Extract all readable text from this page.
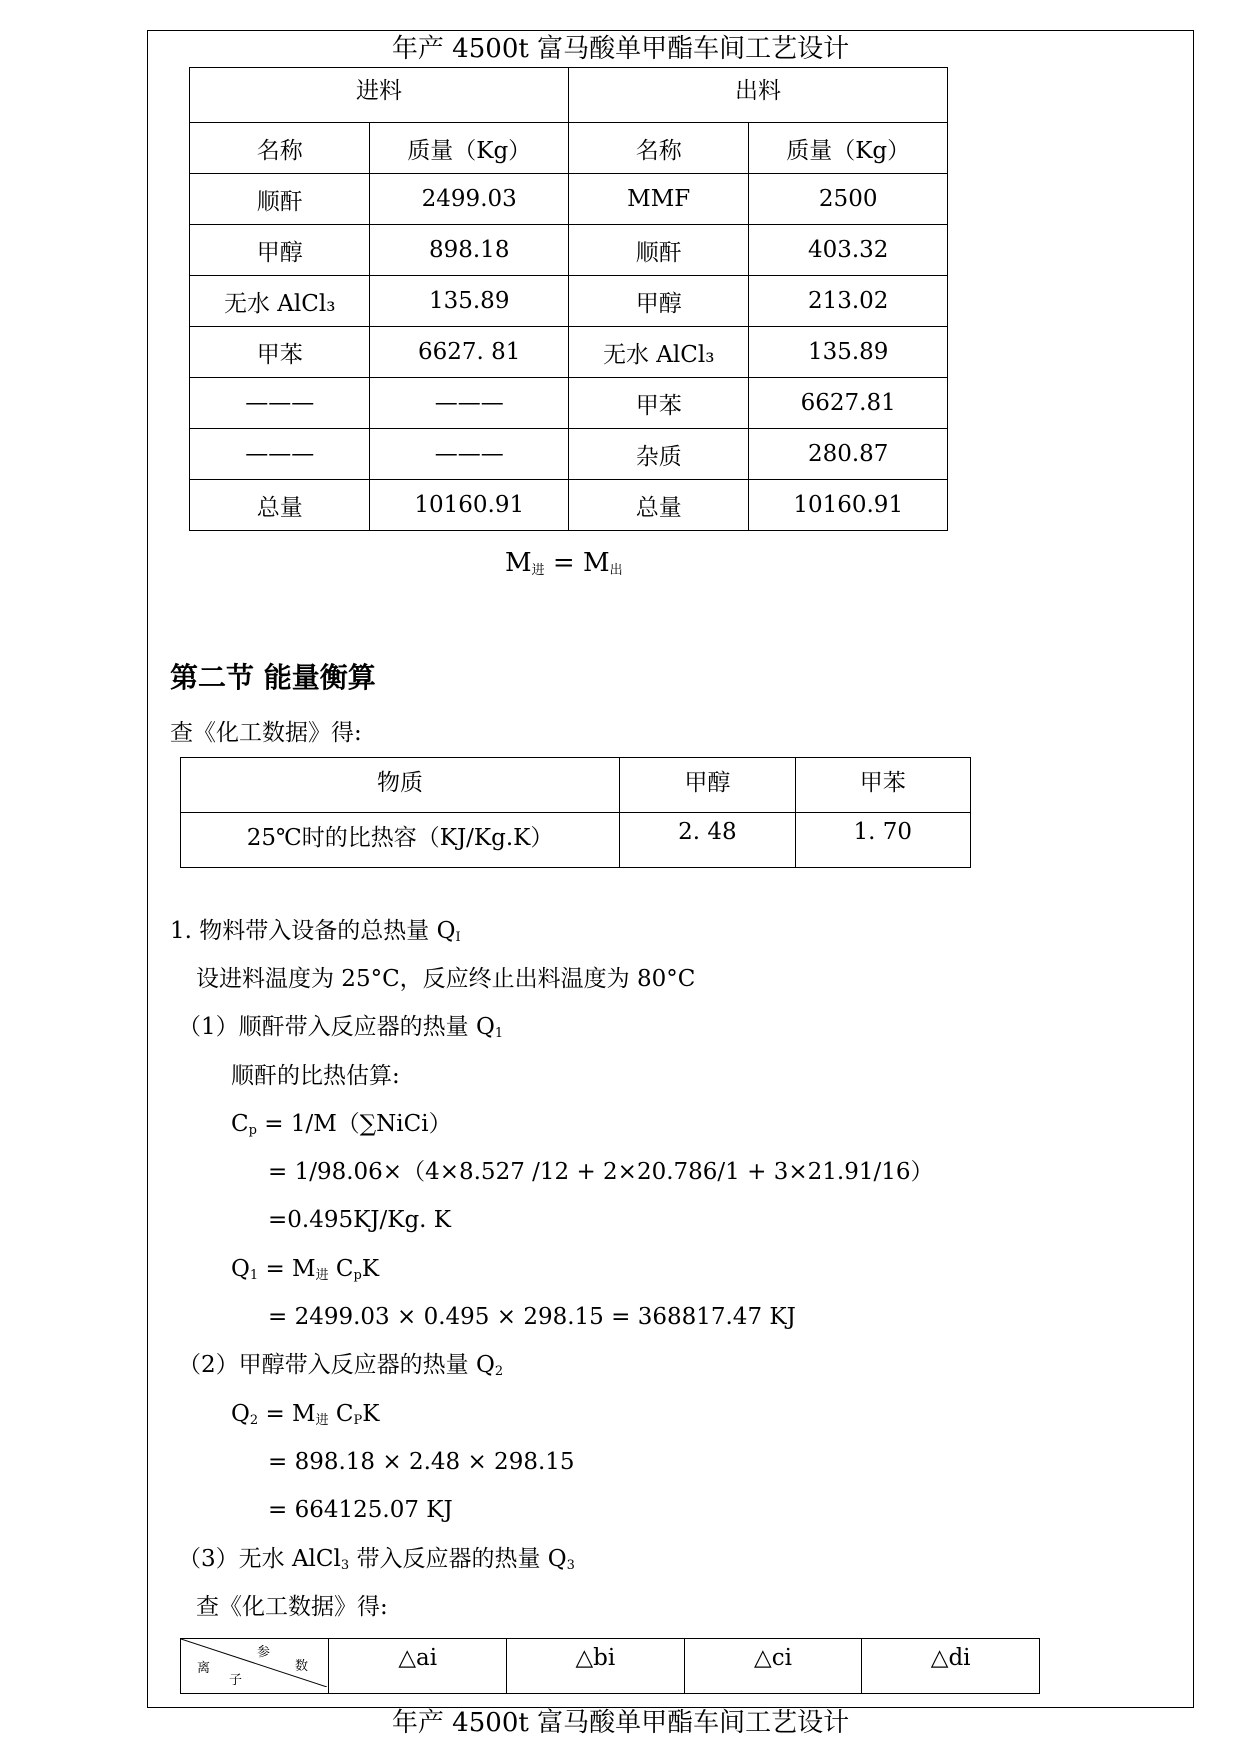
年产 4500t 富马酸单甲酯车间工艺设计
进料		出料	
名称	质量（Kg）	名称	质量（Kg）
顺酐	2499.03	MMF	2500
甲醇	898.18	顺酐	403.32
无水 AlCl₃	135.89	甲醇	213.02
甲苯	6627. 81	无水 AlCl₃	135.89
———	———	甲苯	6627.81
———	———	杂质	280.87
总量	10160.91	总量	10160.91
$M_进 = M_出$
第二节 能量衡算
查《化工数据》得:
物质	甲醇	甲苯
25℃时的比热容（KJ/Kg.K）	2. 48	1. 70
1. 物料带入设备的总热量 $Q_I$
设进料温度为 25°C，反应终止出料温度为 80°C
（1）顺酐带入反应器的热量 $Q_1$
顺酐的比热估算:
$C_p$ = 1/M（∑NiCi）
= 1/98.06×（4×8.527 /12 + 2×20.786/1 + 3×21.91/16）
=0.495KJ/Kg. K
$Q_1 = M_进$ $C_pK$
= 2499.03 × 0.495 × 298.15 = 368817.47 KJ
（2）甲醇带入反应器的热量 $Q_2$
$Q_2 = M_进$ $C_PK$
= 898.18 × 2.48 × 298.15
= 664125.07 KJ
（3）无水 AlCl$_3$ 带入反应器的热量 $Q_3$
查《化工数据》得:
参
数
离
子
	△ai	△bi	△ci	△di
年产 4500t 富马酸单甲酯车间工艺设计
